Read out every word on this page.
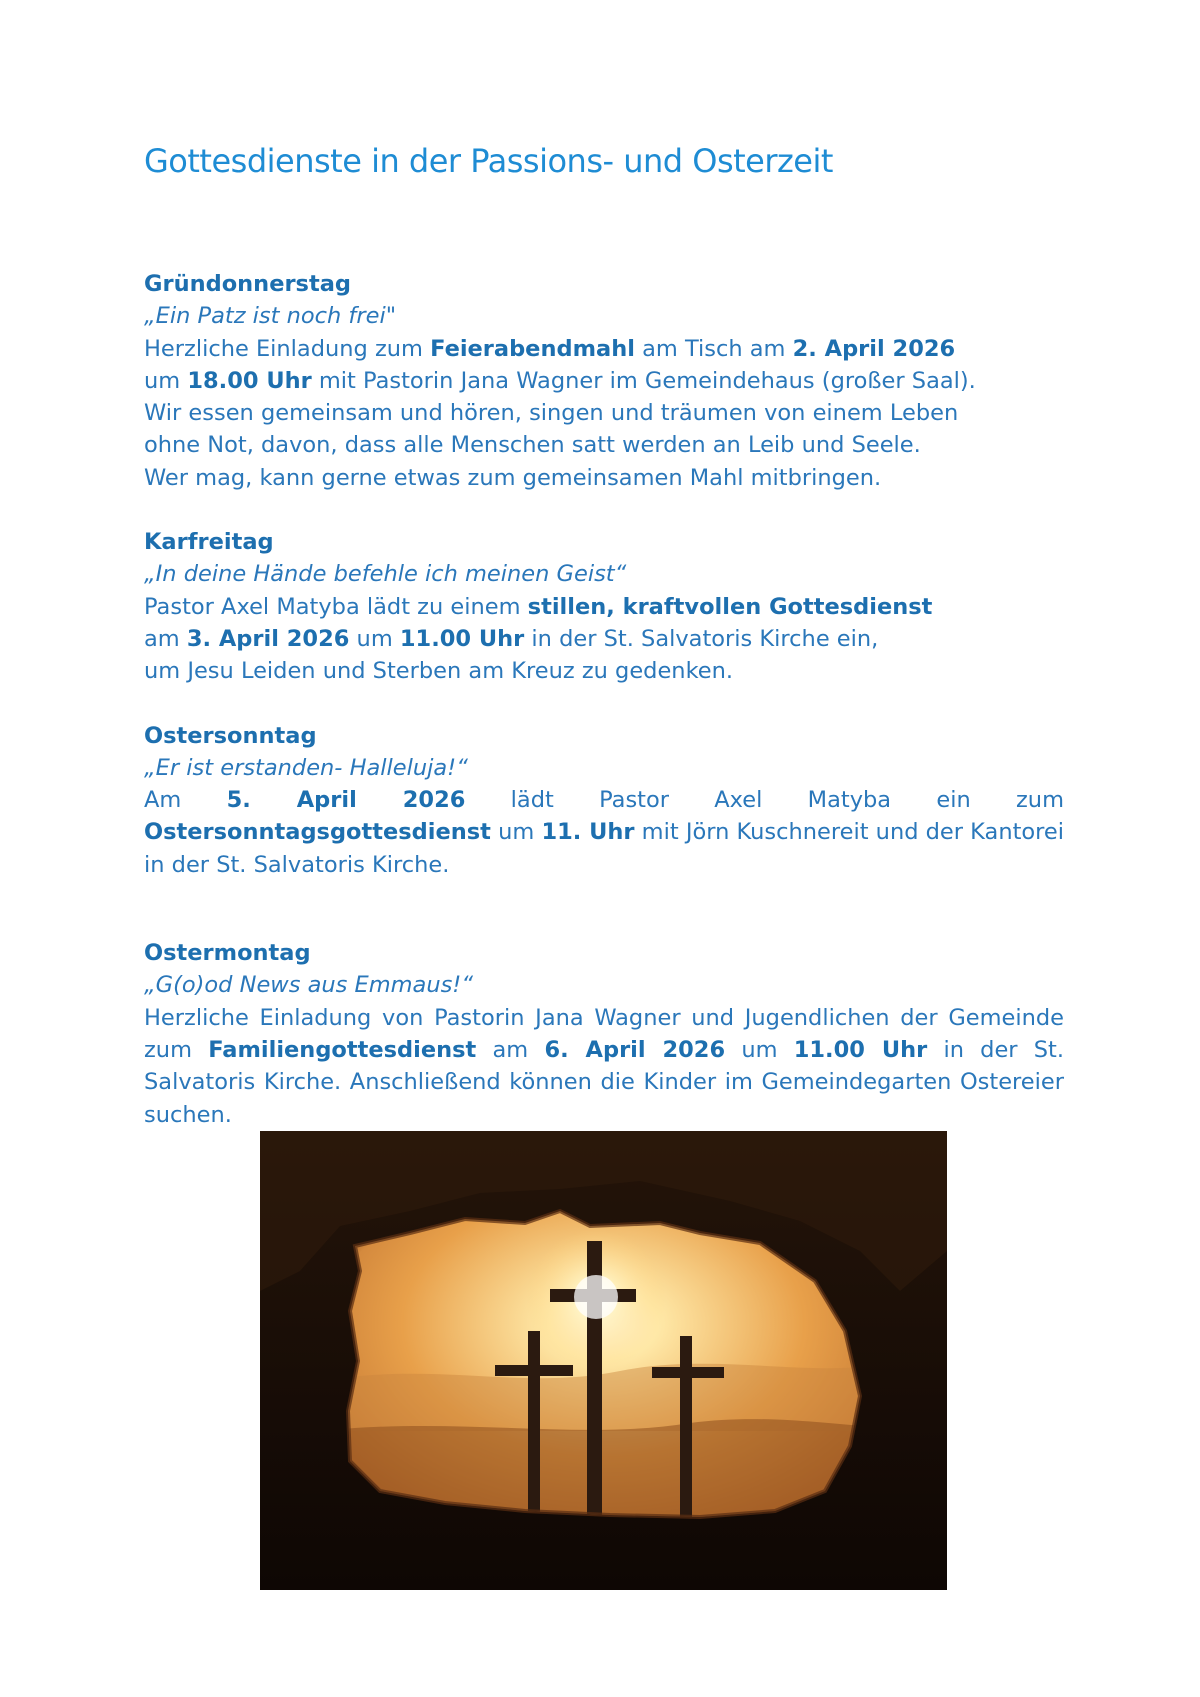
Gottesdienste in der Passions- und Osterzeit

Gründonnerstag

„Ein Patz ist noch frei"

Herzliche Einladung zum Feierabendmahl am Tisch am 2. April 2026

um 18.00 Uhr mit Pastorin Jana Wagner im Gemeindehaus (großer Saal).

Wir essen gemeinsam und hören, singen und träumen von einem Leben

ohne Not, davon, dass alle Menschen satt werden an Leib und Seele.

Wer mag, kann gerne etwas zum gemeinsamen Mahl mitbringen.

Karfreitag

„In deine Hände befehle ich meinen Geist“

Pastor Axel Matyba lädt zu einem stillen, kraftvollen Gottesdienst

am 3. April 2026 um 11.00 Uhr in der St. Salvatoris Kirche ein,

um Jesu Leiden und Sterben am Kreuz zu gedenken.

Ostersonntag

„Er ist erstanden- Halleluja!“

Am 5. April 2026 lädt Pastor Axel Matyba ein zum Ostersonntagsgottesdienst um 11. Uhr mit Jörn Kuschnereit und der Kantorei in der St. Salvatoris Kirche.

Ostermontag

„G(o)od News aus Emmaus!“

Herzliche Einladung von Pastorin Jana Wagner und Jugendlichen der Gemeinde zum Familiengottesdienst am 6. April 2026 um 11.00 Uhr in der St. Salvatoris Kirche. Anschließend können die Kinder im Gemeindegarten Ostereier suchen.
